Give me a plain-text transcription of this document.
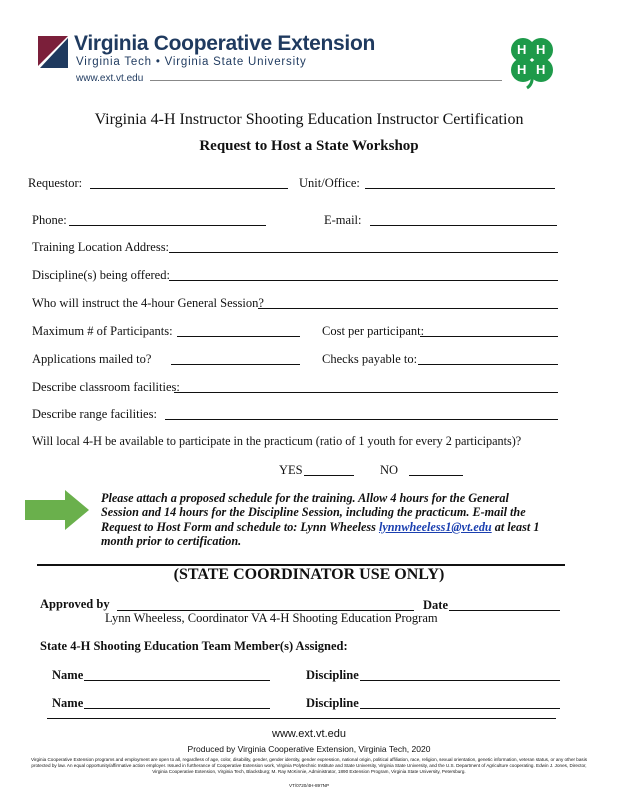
Virginia Cooperative Extension
Virginia Tech • Virginia State University
www.ext.vt.edu
H H
H H
Virginia 4-H Instructor Shooting Education Instructor Certification
Request to Host a State Workshop
Requestor:	Unit/Office:
Phone:	E-mail:
Training Location Address:
Discipline(s) being offered:
Who will instruct the 4-hour General Session?
Maximum # of Participants:	Cost per participant:
Applications mailed to?	Checks payable to:
Describe classroom facilities:
Describe range facilities:
Will local 4-H be available to participate in the practicum (ratio of 1 youth for every 2 participants)?
YES	NO
Please attach a proposed schedule for the training. Allow 4 hours for the General Session and 14 hours for the Discipline Session, including the practicum. E-mail the Request to Host Form and schedule to: Lynn Wheeless lynnwheeless1@vt.edu at least 1 month prior to certification.
(STATE COORDINATOR USE ONLY)
Approved by	Date
Lynn Wheeless, Coordinator VA 4-H Shooting Education Program
State 4-H Shooting Education Team Member(s) Assigned:
Name	Discipline
Name	Discipline
www.ext.vt.edu
Produced by Virginia Cooperative Extension, Virginia Tech, 2020
Virginia Cooperative Extension programs and employment are open to all, regardless of age, color, disability, gender, gender identity, gender expression, national origin, political affiliation, race, religion, sexual orientation, genetic information, veteran status, or any other basis protected by law. An equal opportunity/affirmative action employer. Issued in furtherance of Cooperative Extension work, Virginia Polytechnic Institute and State University, Virginia State University, and the U.S. Department of Agriculture cooperating. Edwin J. Jones, Director, Virginia Cooperative Extension, Virginia Tech, Blacksburg; M. Ray McKinnie, Administrator, 1890 Extension Program, Virginia State University, Petersburg.
VT/0720/4H-897NP
